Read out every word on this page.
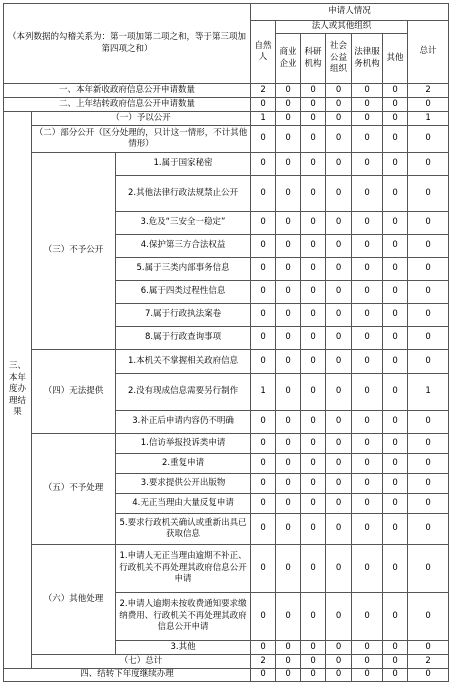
（本列数据的勾稽关系为：第一项加第二项之和，等于第三项加第四项之和）			申请人情况						
			自然人	法人或其他组织					总计
				商业企业	科研机构	社会公益组织	法律服务机构	其他	
一、本年新收政府信息公开申请数量			2	0	0	0	0	0	2
二、上年结转政府信息公开申请数量			0	0	0	0	0	0	0
三、本年度办理结果	（一）予以公开		1	0	0	0	0	0	1
	（二）部分公开（区分处理的，只计这一情形，不计其他情形）		0	0	0	0	0	0	0
	（三）不予公开	1.属于国家秘密	0	0	0	0	0	0	0
		2.其他法律行政法规禁止公开	0	0	0	0	0	0	0
		3.危及“三安全一稳定”	0	0	0	0	0	0	0
		4.保护第三方合法权益	0	0	0	0	0	0	0
		5.属于三类内部事务信息	0	0	0	0	0	0	0
		6.属于四类过程性信息	0	0	0	0	0	0	0
		7.属于行政执法案卷	0	0	0	0	0	0	0
		8.属于行政查询事项	0	0	0	0	0	0	0
	（四）无法提供	1.本机关不掌握相关政府信息	0	0	0	0	0	0	0
		2.没有现成信息需要另行制作	1	0	0	0	0	0	1
		3.补正后申请内容仍不明确	0	0	0	0	0	0	0
	（五）不予处理	1.信访举报投诉类申请	0	0	0	0	0	0	0
		2.重复申请	0	0	0	0	0	0	0
		3.要求提供公开出版物	0	0	0	0	0	0	0
		4.无正当理由大量反复申请	0	0	0	0	0	0	0
		5.要求行政机关确认或重新出具已获取信息	0	0	0	0	0	0	0
	（六）其他处理	1.申请人无正当理由逾期不补正、行政机关不再处理其政府信息公开申请	0	0	0	0	0	0	0
		2.申请人逾期未按收费通知要求缴纳费用、行政机关不再处理其政府信息公开申请	0	0	0	0	0	0	0
		3.其他	0	0	0	0	0	0	0
	（七）总计		2	0	0	0	0	0	2
四、结转下年度继续办理			0	0	0	0	0	0	0
